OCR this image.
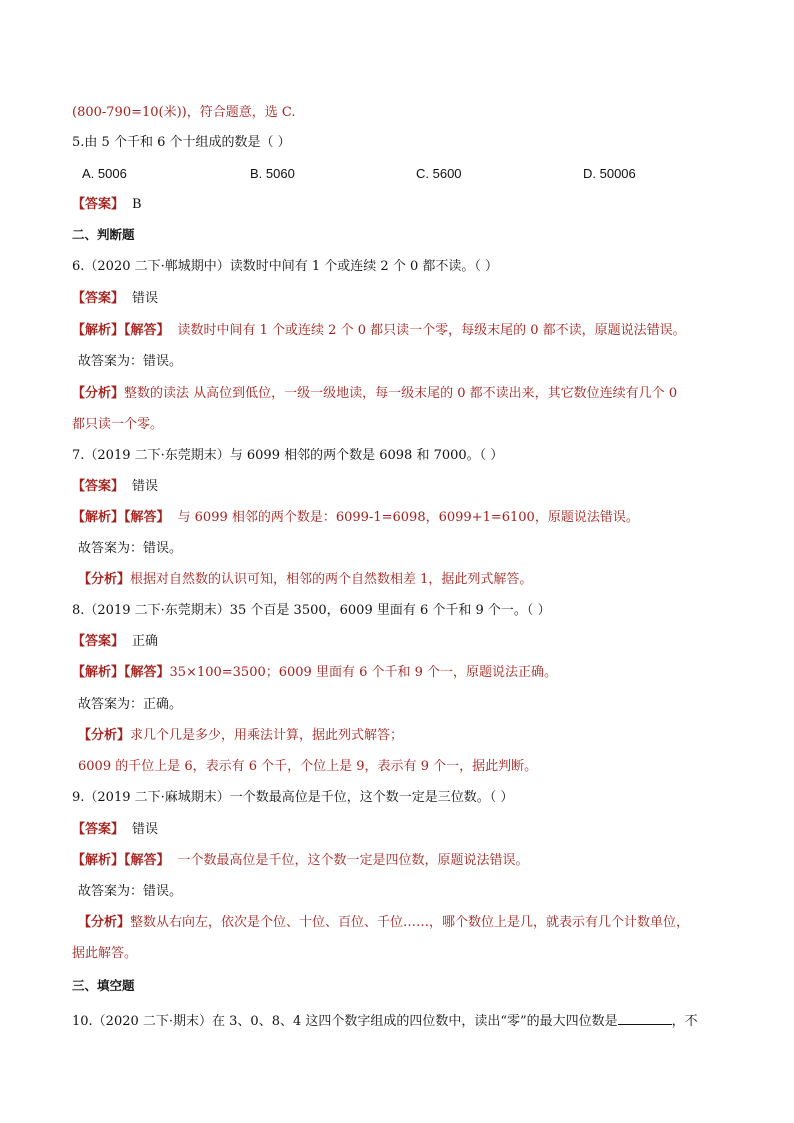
(800-790=10(米))，符合题意，选 C.
5.由 5 个千和 6 个十组成的数是（ ）
A. 5006	B. 5060	C. 5600	D. 50006
【答案】 B
二、判断题
6.（2020 二下·郸城期中）读数时中间有 1 个或连续 2 个 0 都不读。（ ）
【答案】 错误
【解析】【解答】 读数时中间有 1 个或连续 2 个 0 都只读一个零，每级末尾的 0 都不读，原题说法错误。
故答案为：错误。
【分析】整数的读法 从高位到低位，一级一级地读，每一级末尾的 0 都不读出来，其它数位连续有几个 0
都只读一个零。
7.（2019 二下·东莞期末）与 6099 相邻的两个数是 6098 和 7000。（ ）
【答案】 错误
【解析】【解答】 与 6099 相邻的两个数是：6099-1=6098，6099+1=6100，原题说法错误。
故答案为：错误。
【分析】根据对自然数的认识可知，相邻的两个自然数相差 1，据此列式解答。
8.（2019 二下·东莞期末）35 个百是 3500，6009 里面有 6 个千和 9 个一。（ ）
【答案】 正确
【解析】【解答】35×100=3500；6009 里面有 6 个千和 9 个一，原题说法正确。
故答案为：正确。
【分析】求几个几是多少，用乘法计算，据此列式解答；
6009 的千位上是 6，表示有 6 个千，个位上是 9，表示有 9 个一，据此判断。
9.（2019 二下·麻城期末）一个数最高位是千位，这个数一定是三位数。（ ）
【答案】 错误
【解析】【解答】 一个数最高位是千位，这个数一定是四位数，原题说法错误。
故答案为：错误。
【分析】整数从右向左，依次是个位、十位、百位、千位……，哪个数位上是几，就表示有几个计数单位，
据此解答。
三、填空题
10.（2020 二下·期末）在 3、0、8、4 这四个数字组成的四位数中，读出“零”的最大四位数是	，不
